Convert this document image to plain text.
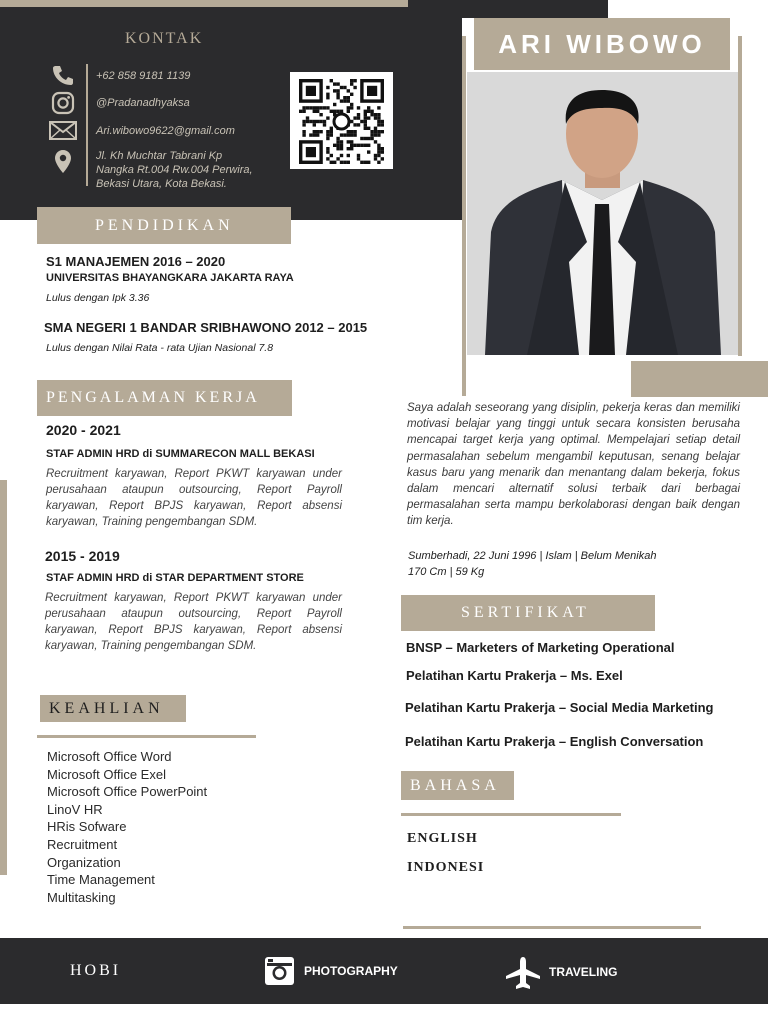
KONTAK
+62 858 9181 1139
@Pradanadhyaksa
Ari.wibowo9622@gmail.com
Jl. Kh Muchtar Tabrani Kp
Nangka Rt.004 Rw.004 Perwira,
Bekasi Utara, Kota Bekasi.
ARI WIBOWO
PENDIDIKAN
S1 MANAJEMEN 2016 – 2020
UNIVERSITAS BHAYANGKARA JAKARTA RAYA
Lulus dengan Ipk 3.36
SMA NEGERI 1 BANDAR SRIBHAWONO 2012 – 2015
Lulus dengan Nilai Rata - rata Ujian Nasional 7.8
PENGALAMAN KERJA
2020 - 2021
STAF ADMIN HRD di SUMMARECON MALL BEKASI
Recruitment karyawan, Report PKWT karyawan under perusahaan ataupun outsourcing, Report Payroll karyawan, Report BPJS karyawan, Report absensi karyawan, Training pengembangan SDM.
2015 - 2019
STAF ADMIN HRD di STAR DEPARTMENT STORE
Recruitment karyawan, Report PKWT karyawan under perusahaan ataupun outsourcing, Report Payroll karyawan, Report BPJS karyawan, Report absensi karyawan, Training pengembangan SDM.
KEAHLIAN
Microsoft Office Word
Microsoft Office Exel
Microsoft Office PowerPoint
LinoV HR
HRis Sofware
Recruitment
Organization
Time Management
Multitasking
Saya adalah seseorang yang disiplin, pekerja keras dan memiliki motivasi belajar yang tinggi untuk secara konsisten berusaha mencapai target kerja yang optimal. Mempelajari setiap detail permasalahan sebelum mengambil keputusan, senang belajar kasus baru yang menarik dan menantang dalam bekerja, fokus dalam mencari alternatif solusi terbaik dari berbagai permasalahan serta mampu berkolaborasi dengan baik dengan tim kerja.
Sumberhadi, 22 Juni 1996 | Islam | Belum Menikah
170 Cm | 59 Kg
SERTIFIKAT
BNSP – Marketers of Marketing Operational
Pelatihan Kartu Prakerja – Ms. Exel
Pelatihan Kartu Prakerja – Social Media Marketing
Pelatihan Kartu Prakerja – English Conversation
BAHASA
ENGLISH
INDONESI
HOBI	PHOTOGRAPHY	TRAVELING
